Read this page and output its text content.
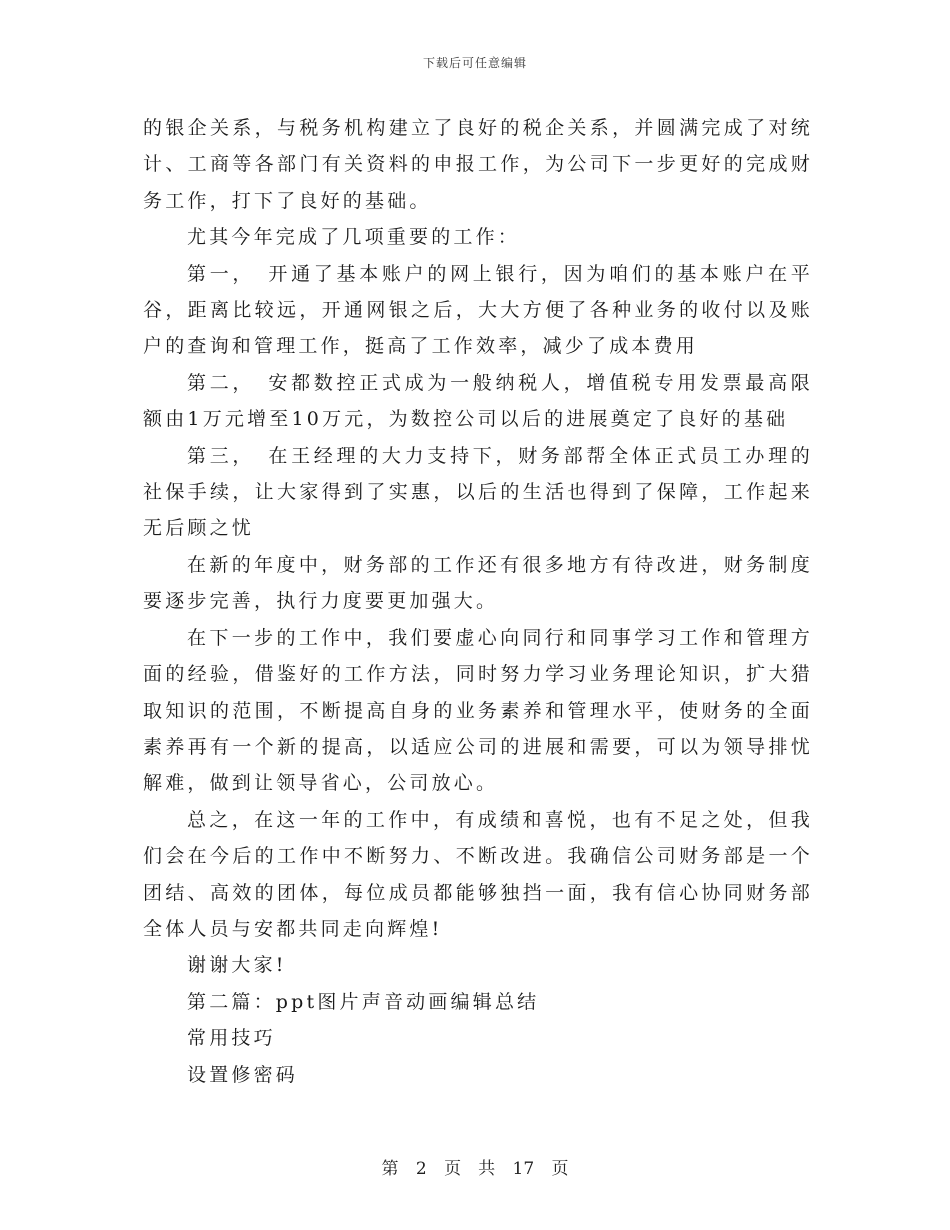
下载后可任意编辑

的银企关系，与税务机构建立了良好的税企关系，并圆满完成了对统计、工商等各部门有关资料的申报工作，为公司下一步更好的完成财务工作，打下了良好的基础。

尤其今年完成了几项重要的工作：

第一，　开通了基本账户的网上银行，因为咱们的基本账户在平谷，距离比较远，开通网银之后，大大方便了各种业务的收付以及账户的查询和管理工作，挺高了工作效率，减少了成本费用

第二，　安都数控正式成为一般纳税人，增值税专用发票最高限额由1万元增至10万元，为数控公司以后的进展奠定了良好的基础

第三，　在王经理的大力支持下，财务部帮全体正式员工办理的社保手续，让大家得到了实惠，以后的生活也得到了保障，工作起来无后顾之忧

在新的年度中，财务部的工作还有很多地方有待改进，财务制度要逐步完善，执行力度要更加强大。

在下一步的工作中，我们要虚心向同行和同事学习工作和管理方面的经验，借鉴好的工作方法，同时努力学习业务理论知识，扩大猎取知识的范围，不断提高自身的业务素养和管理水平，使财务的全面素养再有一个新的提高，以适应公司的进展和需要，可以为领导排忧解难，做到让领导省心，公司放心。

总之，在这一年的工作中，有成绩和喜悦，也有不足之处，但我们会在今后的工作中不断努力、不断改进。我确信公司财务部是一个团结、高效的团体，每位成员都能够独挡一面，我有信心协同财务部全体人员与安都共同走向辉煌!

谢谢大家!

第二篇：ppt图片声音动画编辑总结

常用技巧

设置修密码

第 2 页　共 17 页
